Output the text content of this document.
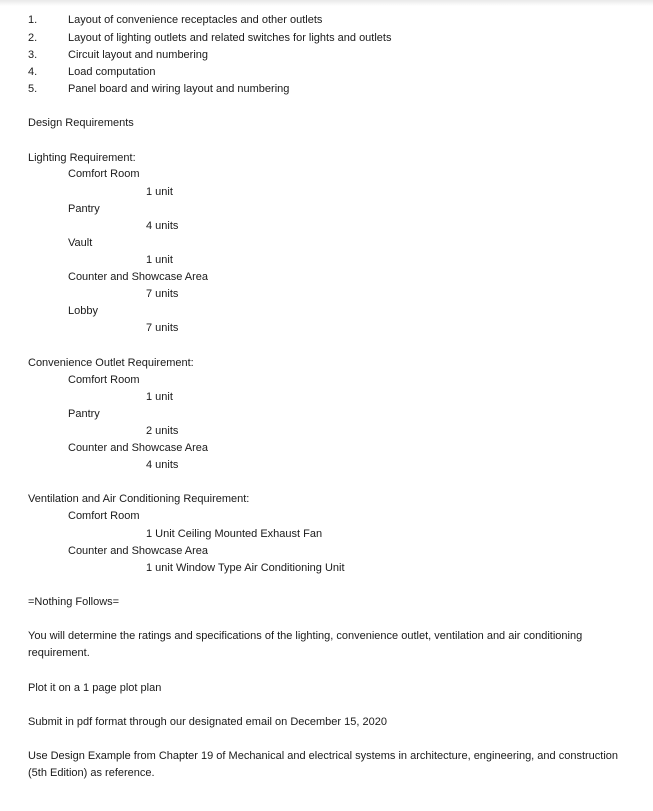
1.	Layout of convenience receptacles and other outlets
2.	Layout of lighting outlets and related switches for lights and outlets
3.	Circuit layout and numbering
4.	Load computation
5.	Panel board and wiring layout and numbering
Design Requirements
Lighting Requirement:
Comfort Room
1 unit
Pantry
4 units
Vault
1 unit
Counter and Showcase Area
7 units
Lobby
7 units
Convenience Outlet Requirement:
Comfort Room
1 unit
Pantry
2 units
Counter and Showcase Area
4 units
Ventilation and Air Conditioning Requirement:
Comfort Room
1 Unit Ceiling Mounted Exhaust Fan
Counter and Showcase Area
1 unit Window Type Air Conditioning Unit
=Nothing Follows=
You will determine the ratings and specifications of the lighting, convenience outlet, ventilation and air conditioning requirement.
Plot it on a 1 page plot plan
Submit in pdf format through our designated email on December 15, 2020
Use Design Example from Chapter 19 of Mechanical and electrical systems in architecture, engineering, and construction (5th Edition) as reference.
